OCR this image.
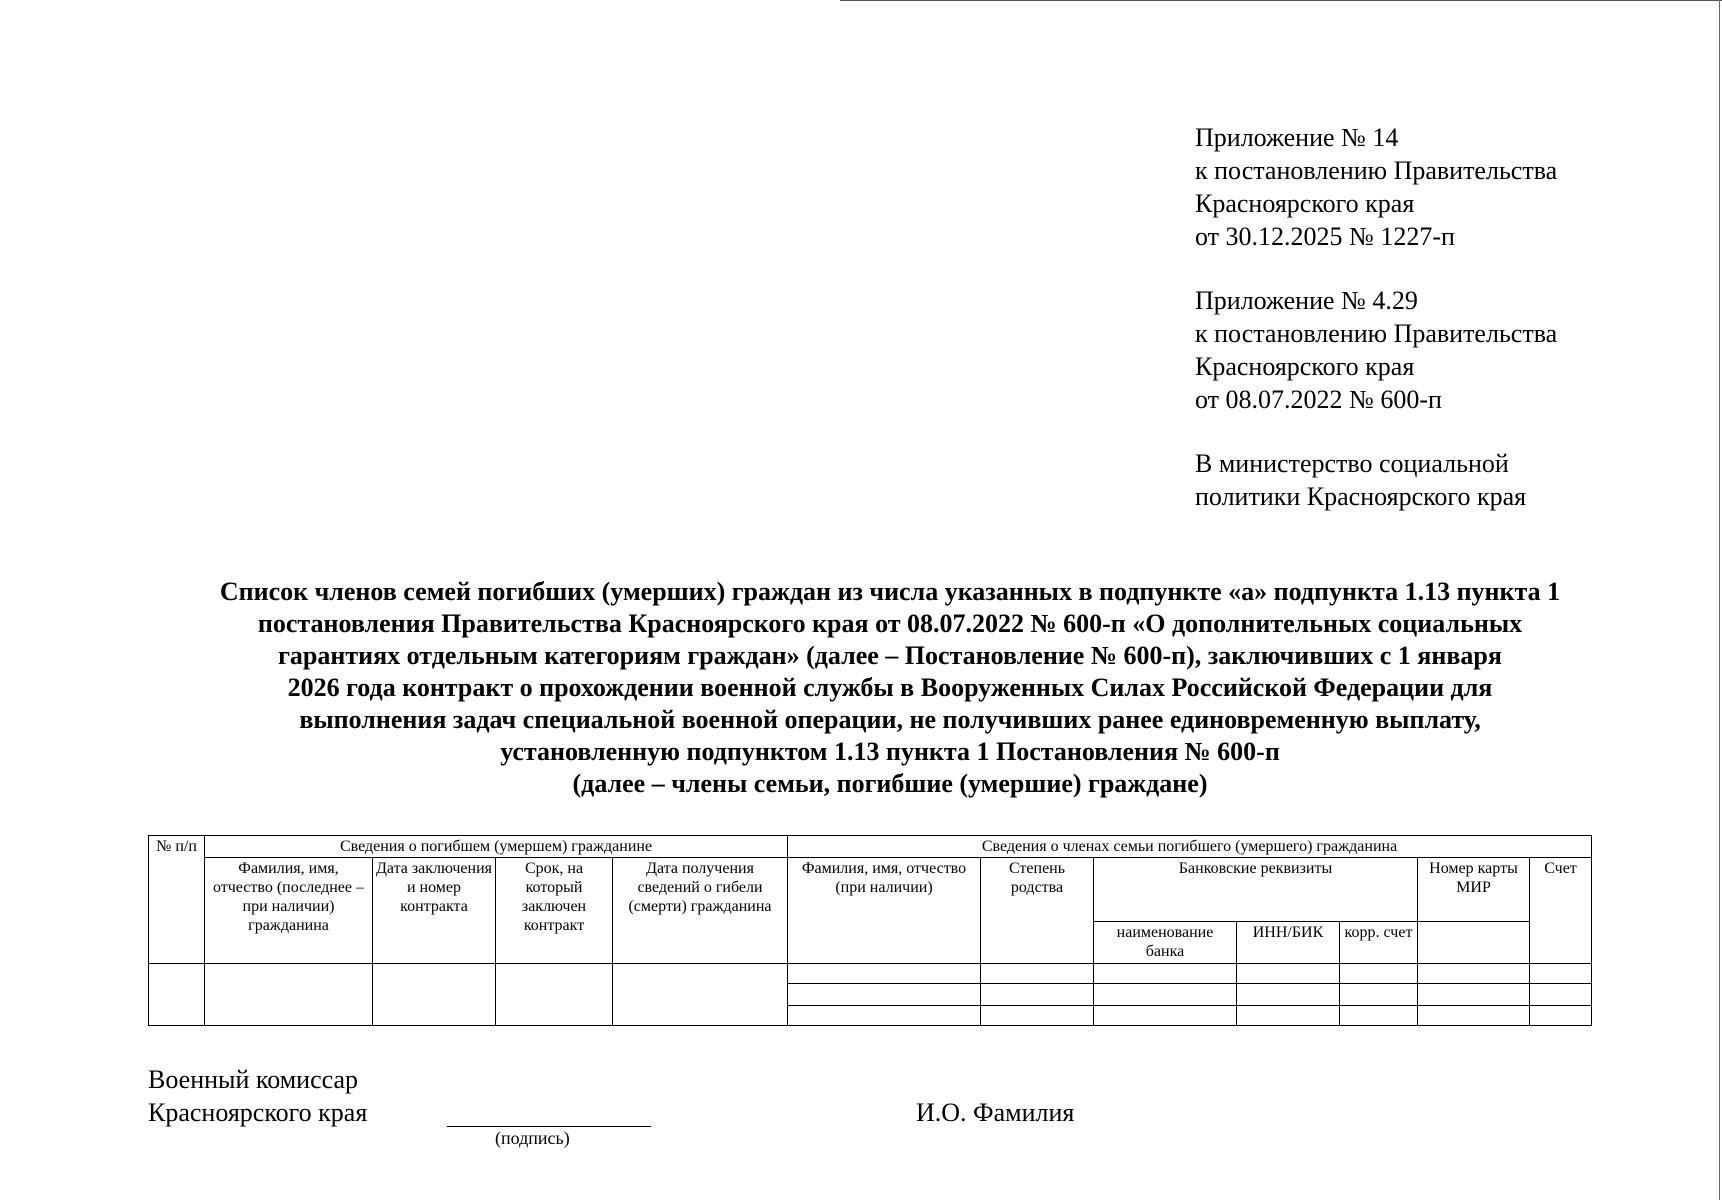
Приложение № 14
к постановлению Правительства
Красноярского края
от 30.12.2025 № 1227-п
Приложение № 4.29
к постановлению Правительства
Красноярского края
от 08.07.2022 № 600-п
В министерство социальной
политики Красноярского края
Список членов семей погибших (умерших) граждан из числа указанных в подпункте «а» подпункта 1.13 пункта 1
постановления Правительства Красноярского края от 08.07.2022 № 600-п «О дополнительных социальных
гарантиях отдельным категориям граждан» (далее – Постановление № 600-п), заключивших с 1 января
2026 года контракт о прохождении военной службы в Вооруженных Силах Российской Федерации для
выполнения задач специальной военной операции, не получивших ранее единовременную выплату,
установленную подпунктом 1.13 пункта 1 Постановления № 600-п
(далее – члены семьи, погибшие (умершие) граждане)
№ п/п	Сведения о погибшем (умершем) гражданине				Сведения о членах семьи погибшего (умершего) гражданина						
	Фамилия, имя, отчество (последнее – при наличии) гражданина	Дата заключения и номер контракта	Срок, на который заключен контракт	Дата получения сведений о гибели (смерти) гражданина	Фамилия, имя, отчество (при наличии)	Степень родства	Банковские реквизиты			Номер карты МИР	Счет
							наименование банка	ИНН/БИК	корр. счет		

Военный комиссар
Красноярского края
(подпись)
И.О. Фамилия
